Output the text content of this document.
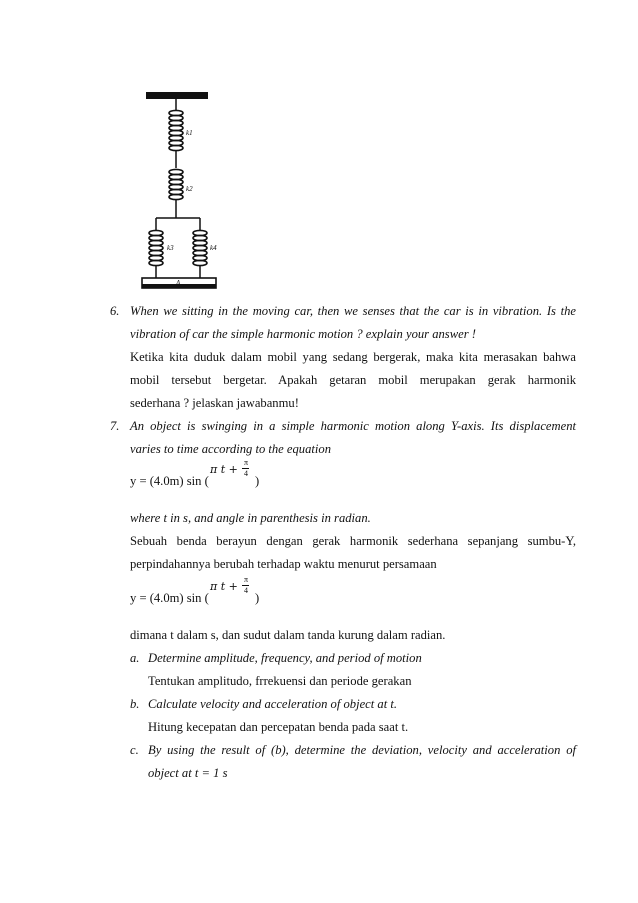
k1
k2
k3	k4
A
6. When we sitting in the moving car, then we senses that the car is in vibration. Is the
vibration of car the simple harmonic motion ? explain your answer !
Ketika kita duduk dalam mobil yang sedang bergerak, maka kita merasakan bahwa
mobil tersebut bergetar. Apakah getaran mobil merupakan gerak harmonik
sederhana ? jelaskan jawabanmu!
7. An object is swinging in a simple harmonic motion along Y-axis. Its displacement
varies to time according to the equation
y = (4.0m) sin (
π t +
π
4
)
where t in s, and angle in parenthesis in radian.
Sebuah benda berayun dengan gerak harmonik sederhana sepanjang sumbu-Y,
perpindahannya berubah terhadap waktu menurut persamaan
y = (4.0m) sin (
π t +
π
4
)
dimana t dalam s, dan sudut dalam tanda kurung dalam radian.
a. Determine amplitude, frequency, and period of motion
Tentukan amplitudo, frrekuensi dan periode gerakan
b. Calculate velocity and acceleration of object at t.
Hitung kecepatan dan percepatan benda pada saat t.
c. By using the result of (b), determine the deviation, velocity and acceleration of
object at t = 1 s
